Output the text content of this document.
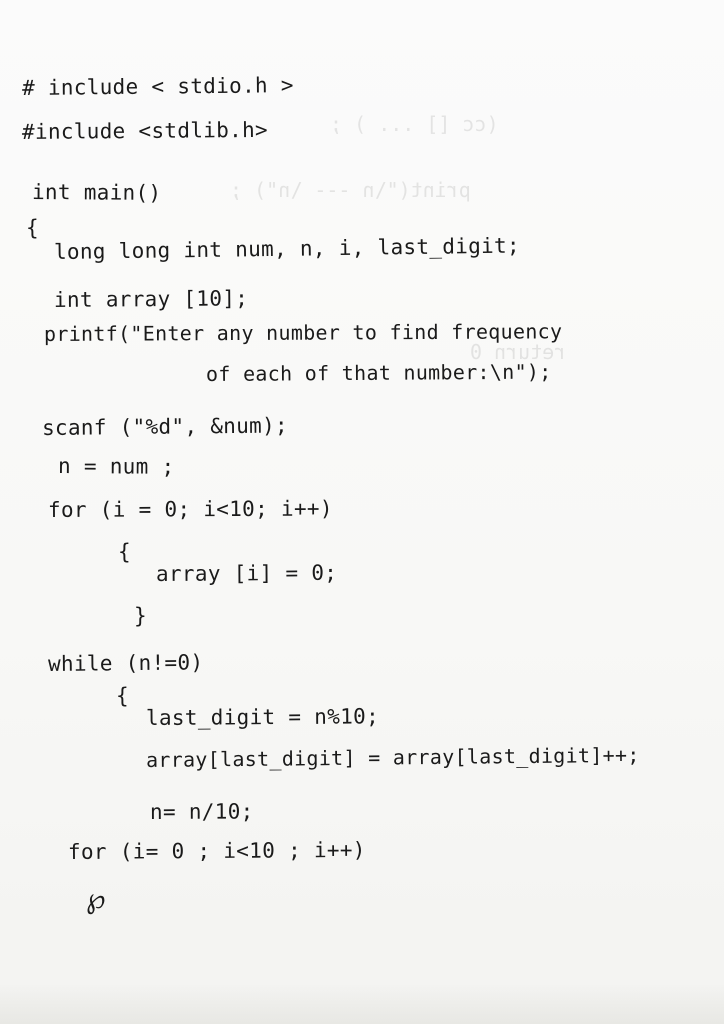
(cc [] ... ) ;
print("\n --- \n") ;
return 0
# include < stdio.h >
#include <stdlib.h>
int main()
{
long long int num, n, i, last_digit;
int array [10];
printf("Enter any number to find frequency
of each of that number:\n");
scanf ("%d", &num);
n = num ;
for (i = 0; i<10; i++)
{
array [i] = 0;
}
while (n!=0)
{
last_digit = n%10;
array[last_digit] = array[last_digit]++;
n= n/10;
for (i= 0 ; i<10 ; i++)
℘
